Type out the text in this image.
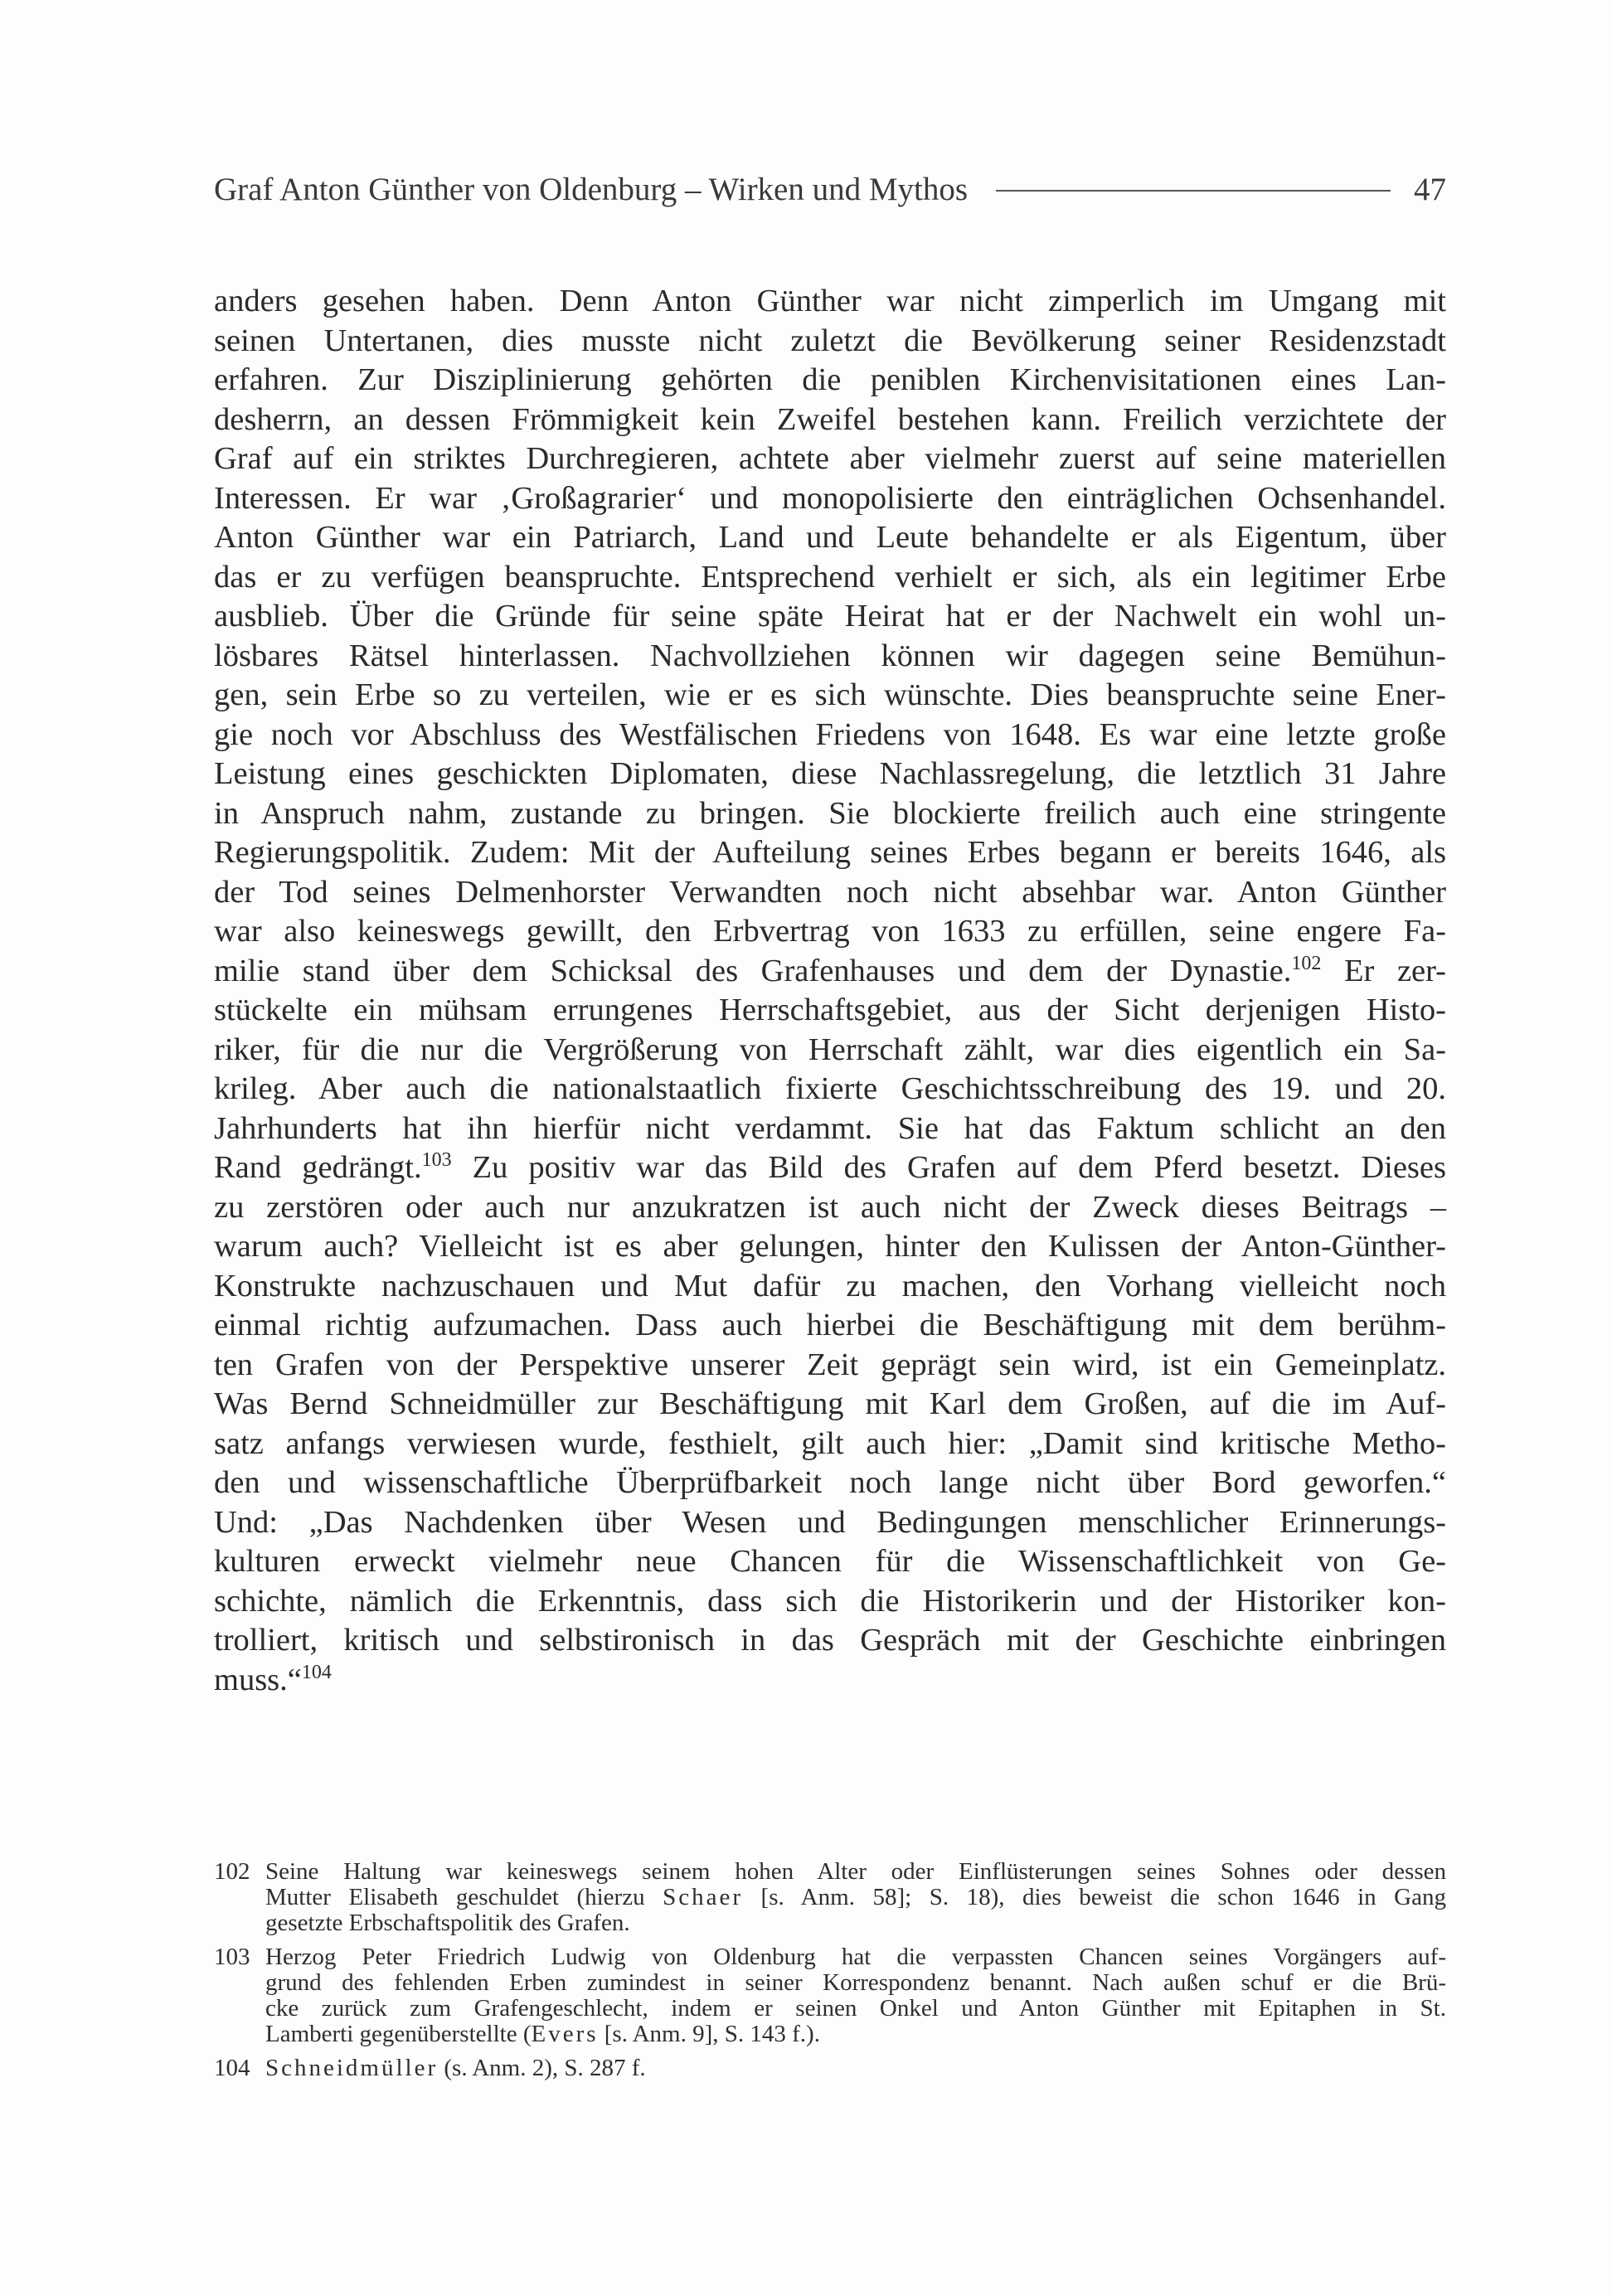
Graf Anton Günther von Oldenburg – Wirken und Mythos	47
anders gesehen haben. Denn Anton Günther war nicht zimperlich im Umgang mit
seinen Untertanen, dies musste nicht zuletzt die Bevölkerung seiner Residenzstadt
erfahren. Zur Disziplinierung gehörten die peniblen Kirchenvisitationen eines Lan-
desherrn, an dessen Frömmigkeit kein Zweifel bestehen kann. Freilich verzichtete der
Graf auf ein striktes Durchregieren, achtete aber vielmehr zuerst auf seine materiellen
Interessen. Er war ‚Großagrarier‘ und monopolisierte den einträglichen Ochsenhandel.
Anton Günther war ein Patriarch, Land und Leute behandelte er als Eigentum, über
das er zu verfügen beanspruchte. Entsprechend verhielt er sich, als ein legitimer Erbe
ausblieb. Über die Gründe für seine späte Heirat hat er der Nachwelt ein wohl un-
lösbares Rätsel hinterlassen. Nachvollziehen können wir dagegen seine Bemühun-
gen, sein Erbe so zu verteilen, wie er es sich wünschte. Dies beanspruchte seine Ener-
gie noch vor Abschluss des Westfälischen Friedens von 1648. Es war eine letzte große
Leistung eines geschickten Diplomaten, diese Nachlassregelung, die letztlich 31 Jahre
in Anspruch nahm, zustande zu bringen. Sie blockierte freilich auch eine stringente
Regierungspolitik. Zudem: Mit der Aufteilung seines Erbes begann er bereits 1646, als
der Tod seines Delmenhorster Verwandten noch nicht absehbar war. Anton Günther
war also keineswegs gewillt, den Erbvertrag von 1633 zu erfüllen, seine engere Fa-
milie stand über dem Schicksal des Grafenhauses und dem der Dynastie.$^{102}$ Er zer-
stückelte ein mühsam errungenes Herrschaftsgebiet, aus der Sicht derjenigen Histo-
riker, für die nur die Vergrößerung von Herrschaft zählt, war dies eigentlich ein Sa-
krileg. Aber auch die nationalstaatlich fixierte Geschichtsschreibung des 19. und 20.
Jahrhunderts hat ihn hierfür nicht verdammt. Sie hat das Faktum schlicht an den
Rand gedrängt.$^{103}$ Zu positiv war das Bild des Grafen auf dem Pferd besetzt. Dieses
zu zerstören oder auch nur anzukratzen ist auch nicht der Zweck dieses Beitrags –
warum auch? Vielleicht ist es aber gelungen, hinter den Kulissen der Anton-Günther-
Konstrukte nachzuschauen und Mut dafür zu machen, den Vorhang vielleicht noch
einmal richtig aufzumachen. Dass auch hierbei die Beschäftigung mit dem berühm-
ten Grafen von der Perspektive unserer Zeit geprägt sein wird, ist ein Gemeinplatz.
Was Bernd Schneidmüller zur Beschäftigung mit Karl dem Großen, auf die im Auf-
satz anfangs verwiesen wurde, festhielt, gilt auch hier: „Damit sind kritische Metho-
den und wissenschaftliche Überprüfbarkeit noch lange nicht über Bord geworfen.“
Und: „Das Nachdenken über Wesen und Bedingungen menschlicher Erinnerungs-
kulturen erweckt vielmehr neue Chancen für die Wissenschaftlichkeit von Ge-
schichte, nämlich die Erkenntnis, dass sich die Historikerin und der Historiker kon-
trolliert, kritisch und selbstironisch in das Gespräch mit der Geschichte einbringen
muss.“$^{104}$
102 Seine Haltung war keineswegs seinem hohen Alter oder Einflüsterungen seines Sohnes oder dessen
Mutter Elisabeth geschuldet (hierzu Schaer [s. Anm. 58]; S. 18), dies beweist die schon 1646 in Gang
gesetzte Erbschaftspolitik des Grafen.
103 Herzog Peter Friedrich Ludwig von Oldenburg hat die verpassten Chancen seines Vorgängers auf-
grund des fehlenden Erben zumindest in seiner Korrespondenz benannt. Nach außen schuf er die Brü-
cke zurück zum Grafengeschlecht, indem er seinen Onkel und Anton Günther mit Epitaphen in St.
Lamberti gegenüberstellte (Evers [s. Anm. 9], S. 143 f.).
104 Schneidmüller (s. Anm. 2), S. 287 f.
